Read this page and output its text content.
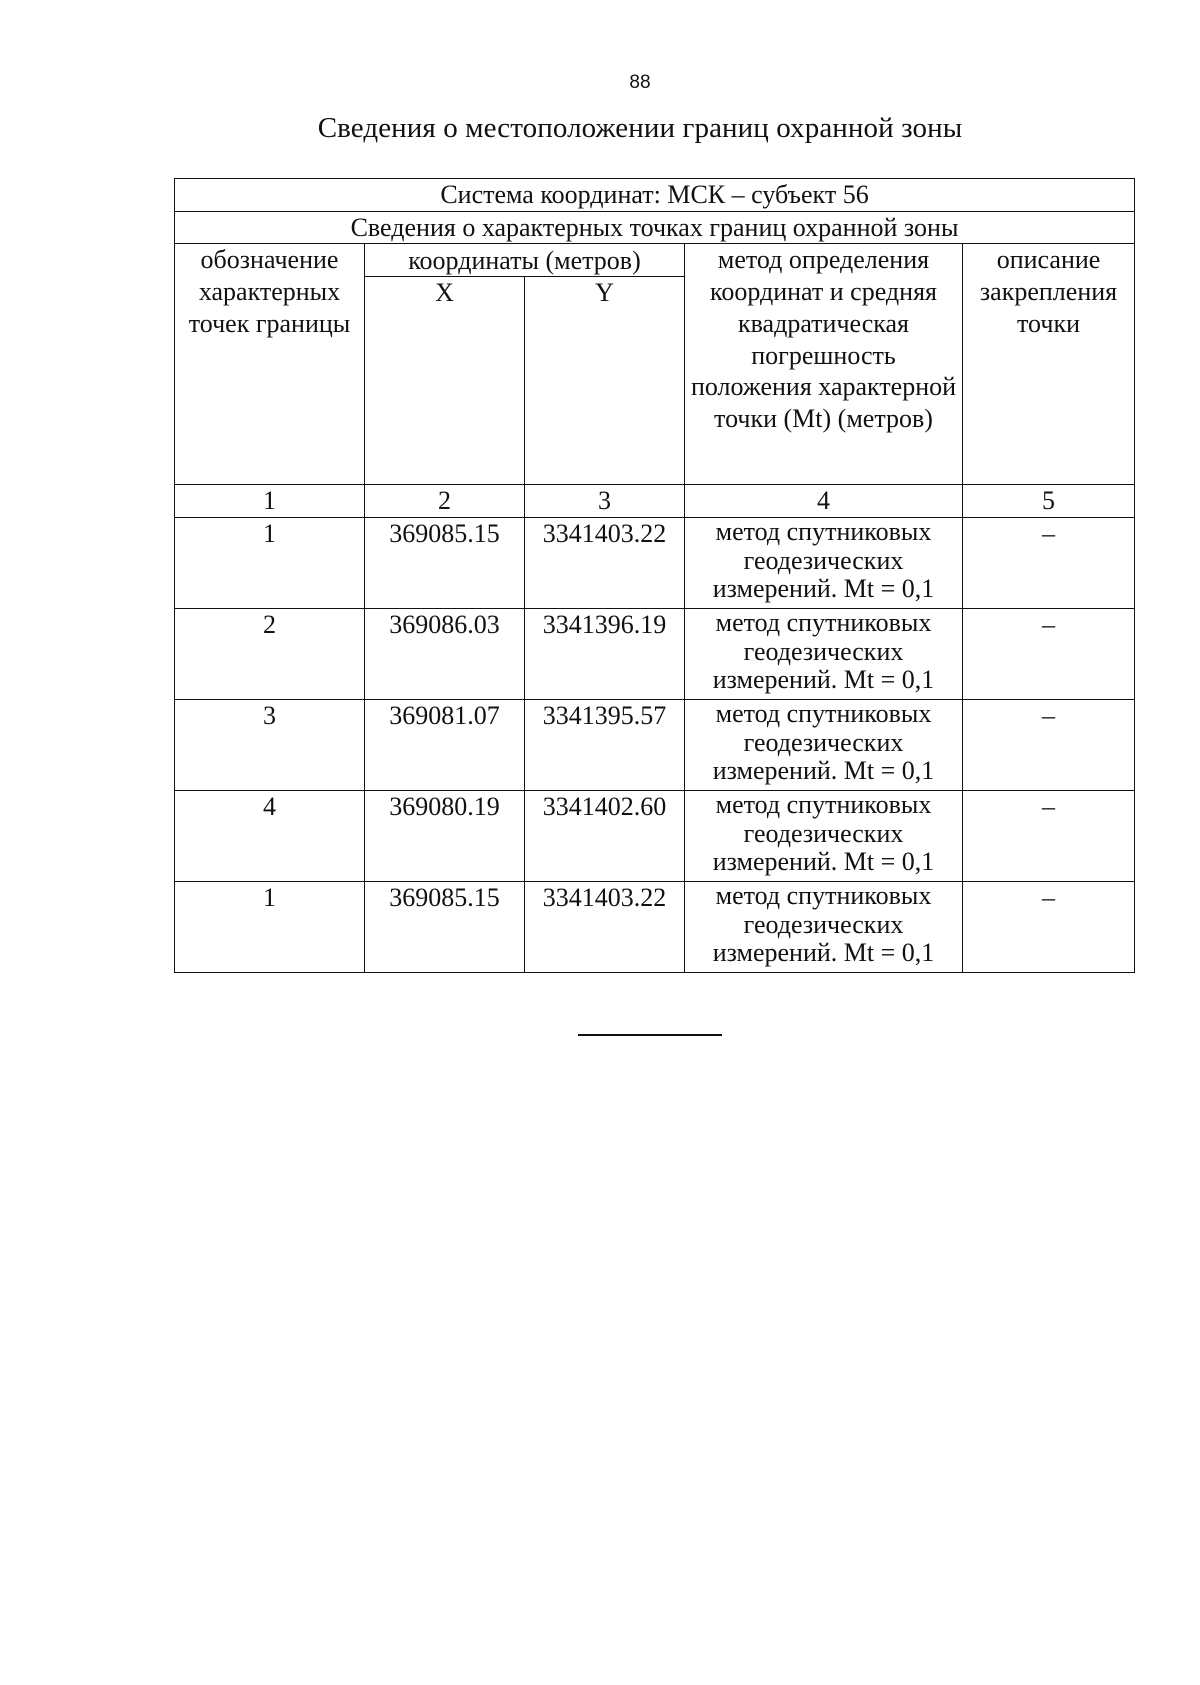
88
Сведения о местоположении границ охранной зоны
Система координат: МСК – субъект 56				
Сведения о характерных точках границ охранной зоны				
обозначение характерных точек границы	координаты (метров)		метод определения координат и средняя квадратическая погрешность положения характерной точки (Mt) (метров)	описание закрепления точки
	X	Y		
1	2	3	4	5
1	369085.15	3341403.22	метод спутниковых геодезических измерений. Mt = 0,1	–
2	369086.03	3341396.19	метод спутниковых геодезических измерений. Mt = 0,1	–
3	369081.07	3341395.57	метод спутниковых геодезических измерений. Mt = 0,1	–
4	369080.19	3341402.60	метод спутниковых геодезических измерений. Mt = 0,1	–
1	369085.15	3341403.22	метод спутниковых геодезических измерений. Mt = 0,1	–
